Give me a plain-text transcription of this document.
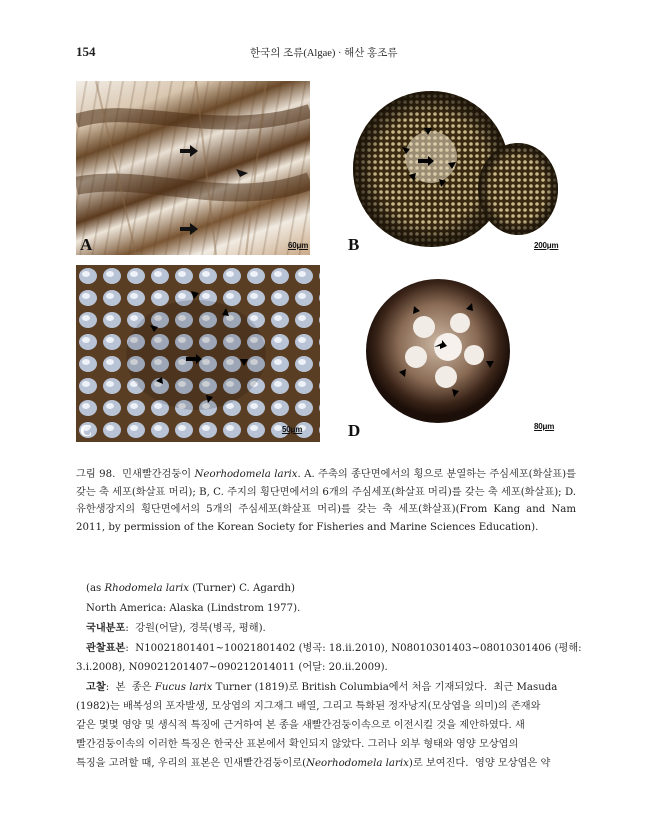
154	한국의 조류(Algae) · 해산 홍조류
A	60μm B	200μm
C	50μm	D	80μm
그림 98.  민새빨간검둥이 Neorhodomela larix. A. 주축의 종단면에서의 횡으로 분열하는 주심세포(화살표)를 갖는 축 세포(화살표 머리); B, C. 주지의 횡단면에서의 6개의 주심세포(화살표 머리)를 갖는 축 세포(화살표); D. 유한생장지의 횡단면에서의 5개의 주심세포(화살표 머리)를 갖는 축 세포(화살표)(From Kang and Nam 2011, by permission of the Korean Society for Fisheries and Marine Sciences Education).
(as Rhodomela larix (Turner) C. Agardh)
North America: Alaska (Lindstrom 1977).
국내분포:  강원(어달), 경북(병곡, 평해).
관찰표본:  N10021801401~10021801402 (병곡: 18.ii.2010), N08010301403~08010301406 (평해:
3.i.2008), N09021201407~090212014011 (어달: 20.ii.2009).
고찰:  본  종은 Fucus larix Turner (1819)로 British Columbia에서 처음 기재되었다.  최근 Masuda
(1982)는 배복성의 포자발생, 모상엽의 지그재그 배열, 그리고 특화된 정자낭지(모상엽을 의미)의 존재와
같은 몇몇 영양 및 생식적 특징에 근거하여 본 종을 새빨간검둥이속으로 이전시킬 것을 제안하였다. 새
빨간검둥이속의 이러한 특징은 한국산 표본에서 확인되지 않았다. 그러나 외부 형태와 영양 모상엽의
특징을 고려할 때, 우리의 표본은 민새빨간검둥이로(Neorhodomela larix)로 보여진다.  영양 모상엽은 약
